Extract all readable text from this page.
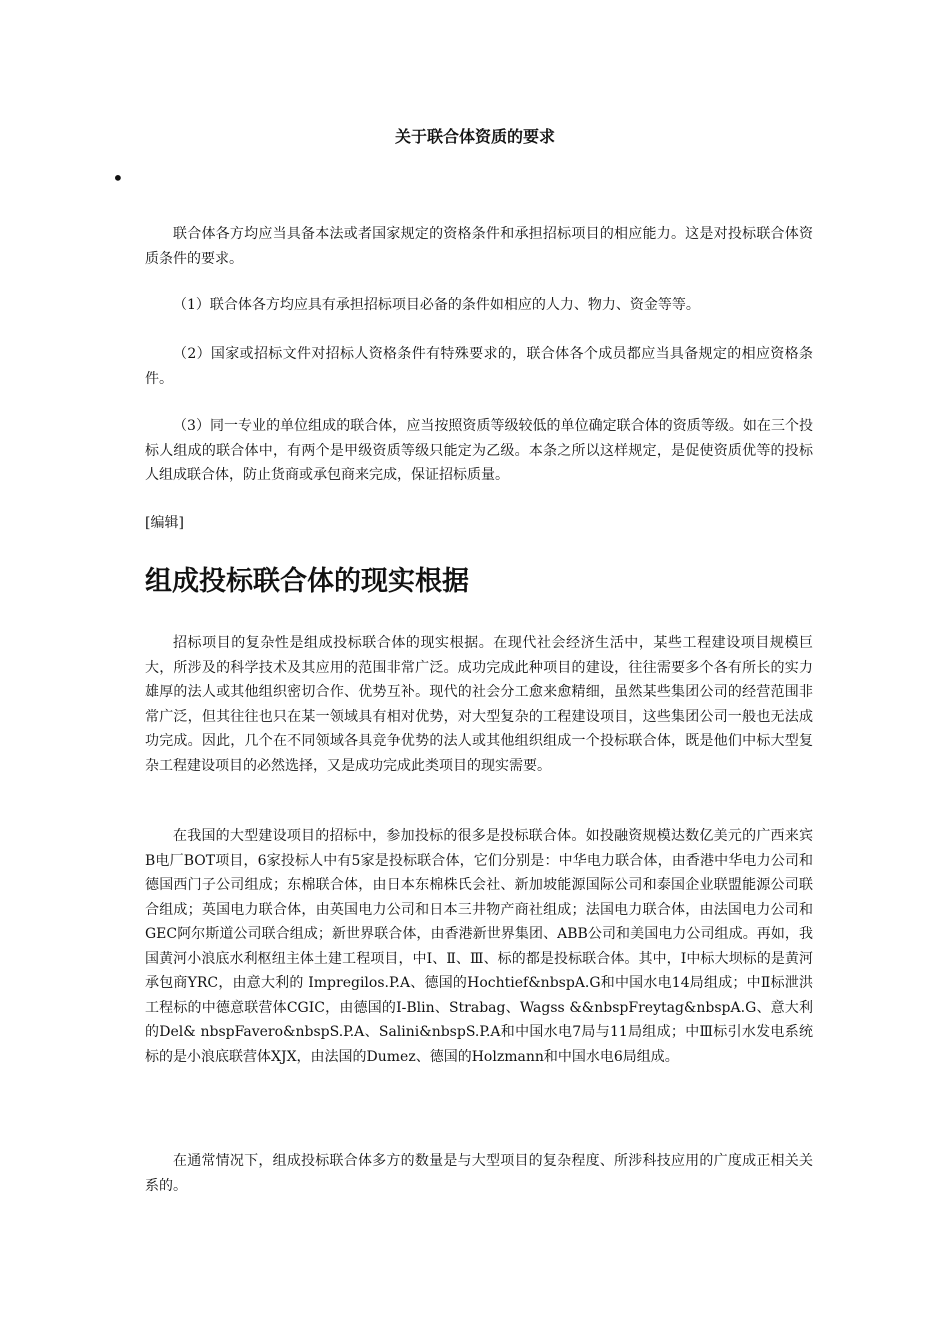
关于联合体资质的要求
•

联合体各方均应当具备本法或者国家规定的资格条件和承担招标项目的相应能力。这是对投标联合体资质条件的要求。

（1）联合体各方均应具有承担招标项目必备的条件如相应的人力、物力、资金等等。

（2）国家或招标文件对招标人资格条件有特殊要求的，联合体各个成员都应当具备规定的相应资格条件。

（3）同一专业的单位组成的联合体，应当按照资质等级较低的单位确定联合体的资质等级。如在三个投标人组成的联合体中，有两个是甲级资质等级只能定为乙级。本条之所以这样规定，是促使资质优等的投标人组成联合体，防止货商或承包商来完成，保证招标质量。

[编辑]

组成投标联合体的现实根据

招标项目的复杂性是组成投标联合体的现实根据。在现代社会经济生活中，某些工程建设项目规模巨大，所涉及的科学技术及其应用的范围非常广泛。成功完成此种项目的建设，往往需要多个各有所长的实力雄厚的法人或其他组织密切合作、优势互补。现代的社会分工愈来愈精细，虽然某些集团公司的经营范围非常广泛，但其往往也只在某一领域具有相对优势，对大型复杂的工程建设项目，这些集团公司一般也无法成功完成。因此，几个在不同领域各具竞争优势的法人或其他组织组成一个投标联合体，既是他们中标大型复杂工程建设项目的必然选择，又是成功完成此类项目的现实需要。

在我国的大型建设项目的招标中，参加投标的很多是投标联合体。如投融资规模达数亿美元的广西来宾B电厂BOT项目，6家投标人中有5家是投标联合体，它们分别是：中华电力联合体，由香港中华电力公司和德国西门子公司组成；东棉联合体，由日本东棉株氏会社、新加坡能源国际公司和泰国企业联盟能源公司联合组成；英国电力联合体，由英国电力公司和日本三井物产商社组成；法国电力联合体，由法国电力公司和GEC阿尔斯道公司联合组成；新世界联合体，由香港新世界集团、ABB公司和美国电力公司组成。再如，我国黄河小浪底水利枢纽主体土建工程项目，中Ⅰ、Ⅱ、Ⅲ、标的都是投标联合体。其中，Ⅰ中标大坝标的是黄河承包商YRC，由意大利的 Impregilos.P.A、德国的Hochtief&nbspA.G和中国水电14局组成；中Ⅱ标泄洪工程标的中德意联营体CGIC，由德国的I-Blin、Strabag、Wagss &&nbspFreytag&nbspA.G、意大利的Del& nbspFavero&nbspS.P.A、Salini&nbspS.P.A和中国水电7局与11局组成；中Ⅲ标引水发电系统标的是小浪底联营体XJX，由法国的Dumez、德国的Holzmann和中国水电6局组成。

在通常情况下，组成投标联合体多方的数量是与大型项目的复杂程度、所涉科技应用的广度成正相关关系的。
